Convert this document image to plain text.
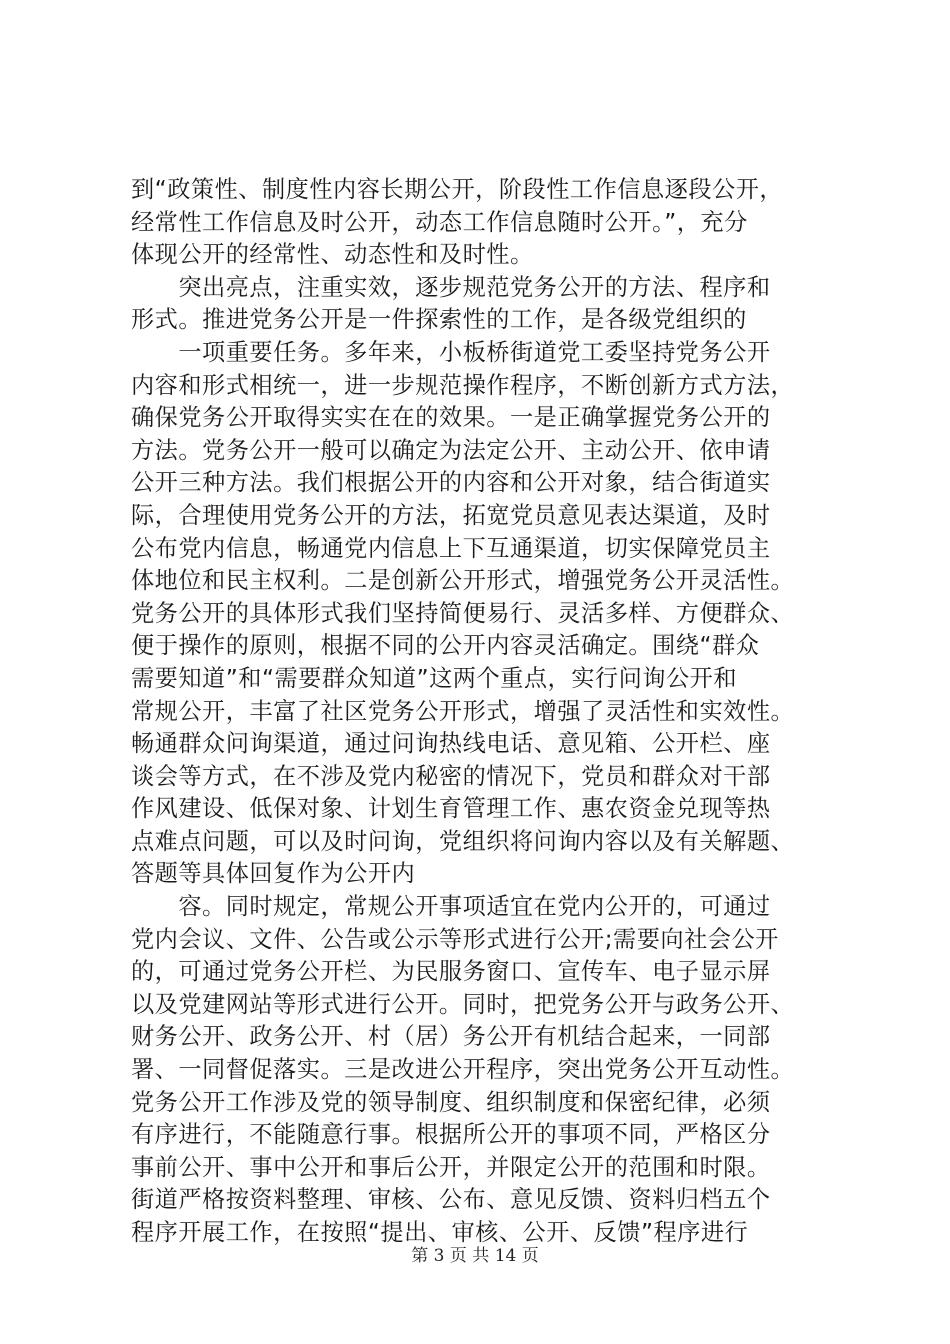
到“政策性、制度性内容长期公开，阶段性工作信息逐段公开，
经常性工作信息及时公开，动态工作信息随时公开。”，充分
体现公开的经常性、动态性和及时性。
　　突出亮点，注重实效，逐步规范党务公开的方法、程序和
形式。推进党务公开是一件探索性的工作，是各级党组织的
　　一项重要任务。多年来，小板桥街道党工委坚持党务公开
内容和形式相统一，进一步规范操作程序，不断创新方式方法，
确保党务公开取得实实在在的效果。一是正确掌握党务公开的
方法。党务公开一般可以确定为法定公开、主动公开、依申请
公开三种方法。我们根据公开的内容和公开对象，结合街道实
际，合理使用党务公开的方法，拓宽党员意见表达渠道，及时
公布党内信息，畅通党内信息上下互通渠道，切实保障党员主
体地位和民主权利。二是创新公开形式，增强党务公开灵活性。
党务公开的具体形式我们坚持简便易行、灵活多样、方便群众、
便于操作的原则，根据不同的公开内容灵活确定。围绕“群众
需要知道”和“需要群众知道”这两个重点，实行问询公开和
常规公开，丰富了社区党务公开形式，增强了灵活性和实效性。
畅通群众问询渠道，通过问询热线电话、意见箱、公开栏、座
谈会等方式，在不涉及党内秘密的情况下，党员和群众对干部
作风建设、低保对象、计划生育管理工作、惠农资金兑现等热
点难点问题，可以及时问询，党组织将问询内容以及有关解题、
答题等具体回复作为公开内
　　容。同时规定，常规公开事项适宜在党内公开的，可通过
党内会议、文件、公告或公示等形式进行公开;需要向社会公开
的，可通过党务公开栏、为民服务窗口、宣传车、电子显示屏
以及党建网站等形式进行公开。同时，把党务公开与政务公开、
财务公开、政务公开、村（居）务公开有机结合起来，一同部
署、一同督促落实。三是改进公开程序，突出党务公开互动性。
党务公开工作涉及党的领导制度、组织制度和保密纪律，必须
有序进行，不能随意行事。根据所公开的事项不同，严格区分
事前公开、事中公开和事后公开，并限定公开的范围和时限。
街道严格按资料整理、审核、公布、意见反馈、资料归档五个
程序开展工作，在按照“提出、审核、公开、反馈”程序进行
第 3 页 共 14 页
